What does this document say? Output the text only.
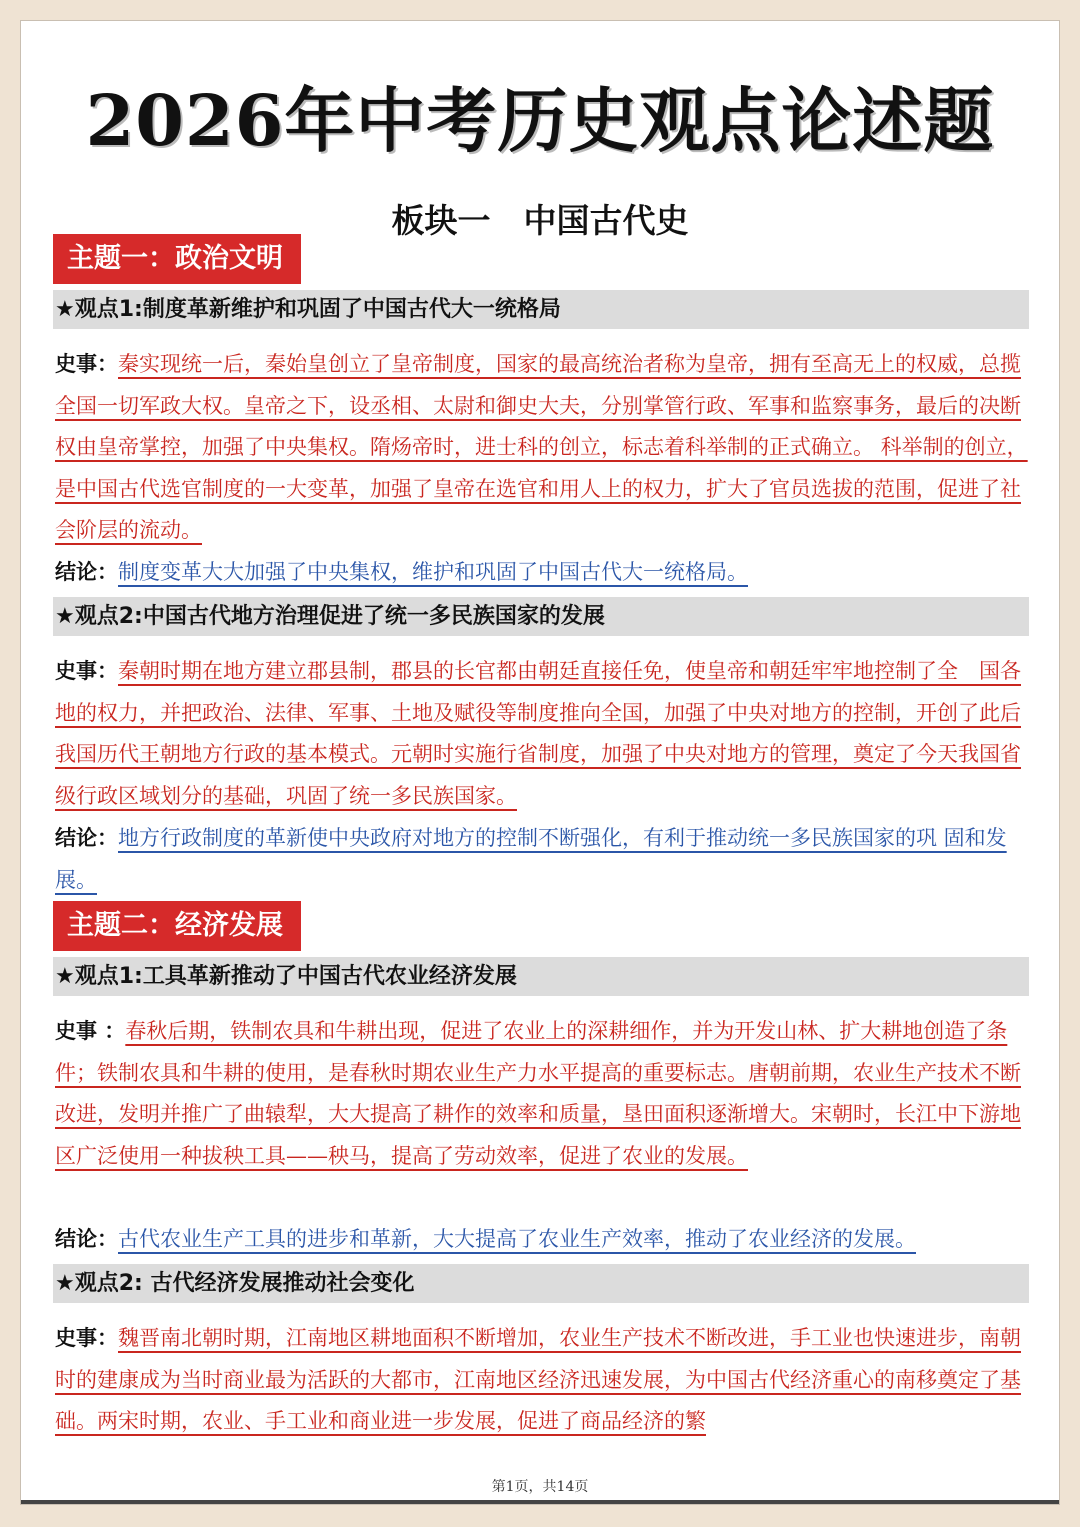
2026年中考历史观点论述题
板块一　中国古代史
主题一：政治文明
★观点1:制度革新维护和巩固了中国古代大一统格局

史事：秦实现统一后，秦始皇创立了皇帝制度，国家的最高统治者称为皇帝，拥有至高无上的权威，总揽全国一切军政大权。皇帝之下，设丞相、太尉和御史大夫，分别掌管行政、军事和监察事务，最后的决断权由皇帝掌控，加强了中央集权。隋炀帝时，进士科的创立，标志着科举制的正式确立。 科举制的创立，是中国古代选官制度的一大变革，加强了皇帝在选官和用人上的权力，扩大了官员选拔的范围，促进了社会阶层的流动。

结论：制度变革大大加强了中央集权，维护和巩固了中国古代大一统格局。

★观点2:中国古代地方治理促进了统一多民族国家的发展

史事：秦朝时期在地方建立郡县制，郡县的长官都由朝廷直接任免，使皇帝和朝廷牢牢地控制了全　国各地的权力，并把政治、法律、军事、土地及赋役等制度推向全国，加强了中央对地方的控制，开创了此后我国历代王朝地方行政的基本模式。元朝时实施行省制度，加强了中央对地方的管理，奠定了今天我国省级行政区域划分的基础，巩固了统一多民族国家。

结论：地方行政制度的革新使中央政府对地方的控制不断强化，有利于推动统一多民族国家的巩 固和发展。

主题二：经济发展
★观点1:工具革新推动了中国古代农业经济发展

史事 ：春秋后期，铁制农具和牛耕出现，促进了农业上的深耕细作，并为开发山林、扩大耕地创造了条件；铁制农具和牛耕的使用，是春秋时期农业生产力水平提高的重要标志。唐朝前期，农业生产技术不断改进，发明并推广了曲辕犁，大大提高了耕作的效率和质量，垦田面积逐渐增大。宋朝时，长江中下游地区广泛使用一种拔秧工具——秧马，提高了劳动效率，促进了农业的发展。

结论：古代农业生产工具的进步和革新，大大提高了农业生产效率，推动了农业经济的发展。

★观点2: 古代经济发展推动社会变化

史事：魏晋南北朝时期，江南地区耕地面积不断增加，农业生产技术不断改进，手工业也快速进步，南朝时的建康成为当时商业最为活跃的大都市，江南地区经济迅速发展，为中国古代经济重心的南移奠定了基础。两宋时期，农业、手工业和商业进一步发展，促进了商品经济的繁

第1页，共14页
